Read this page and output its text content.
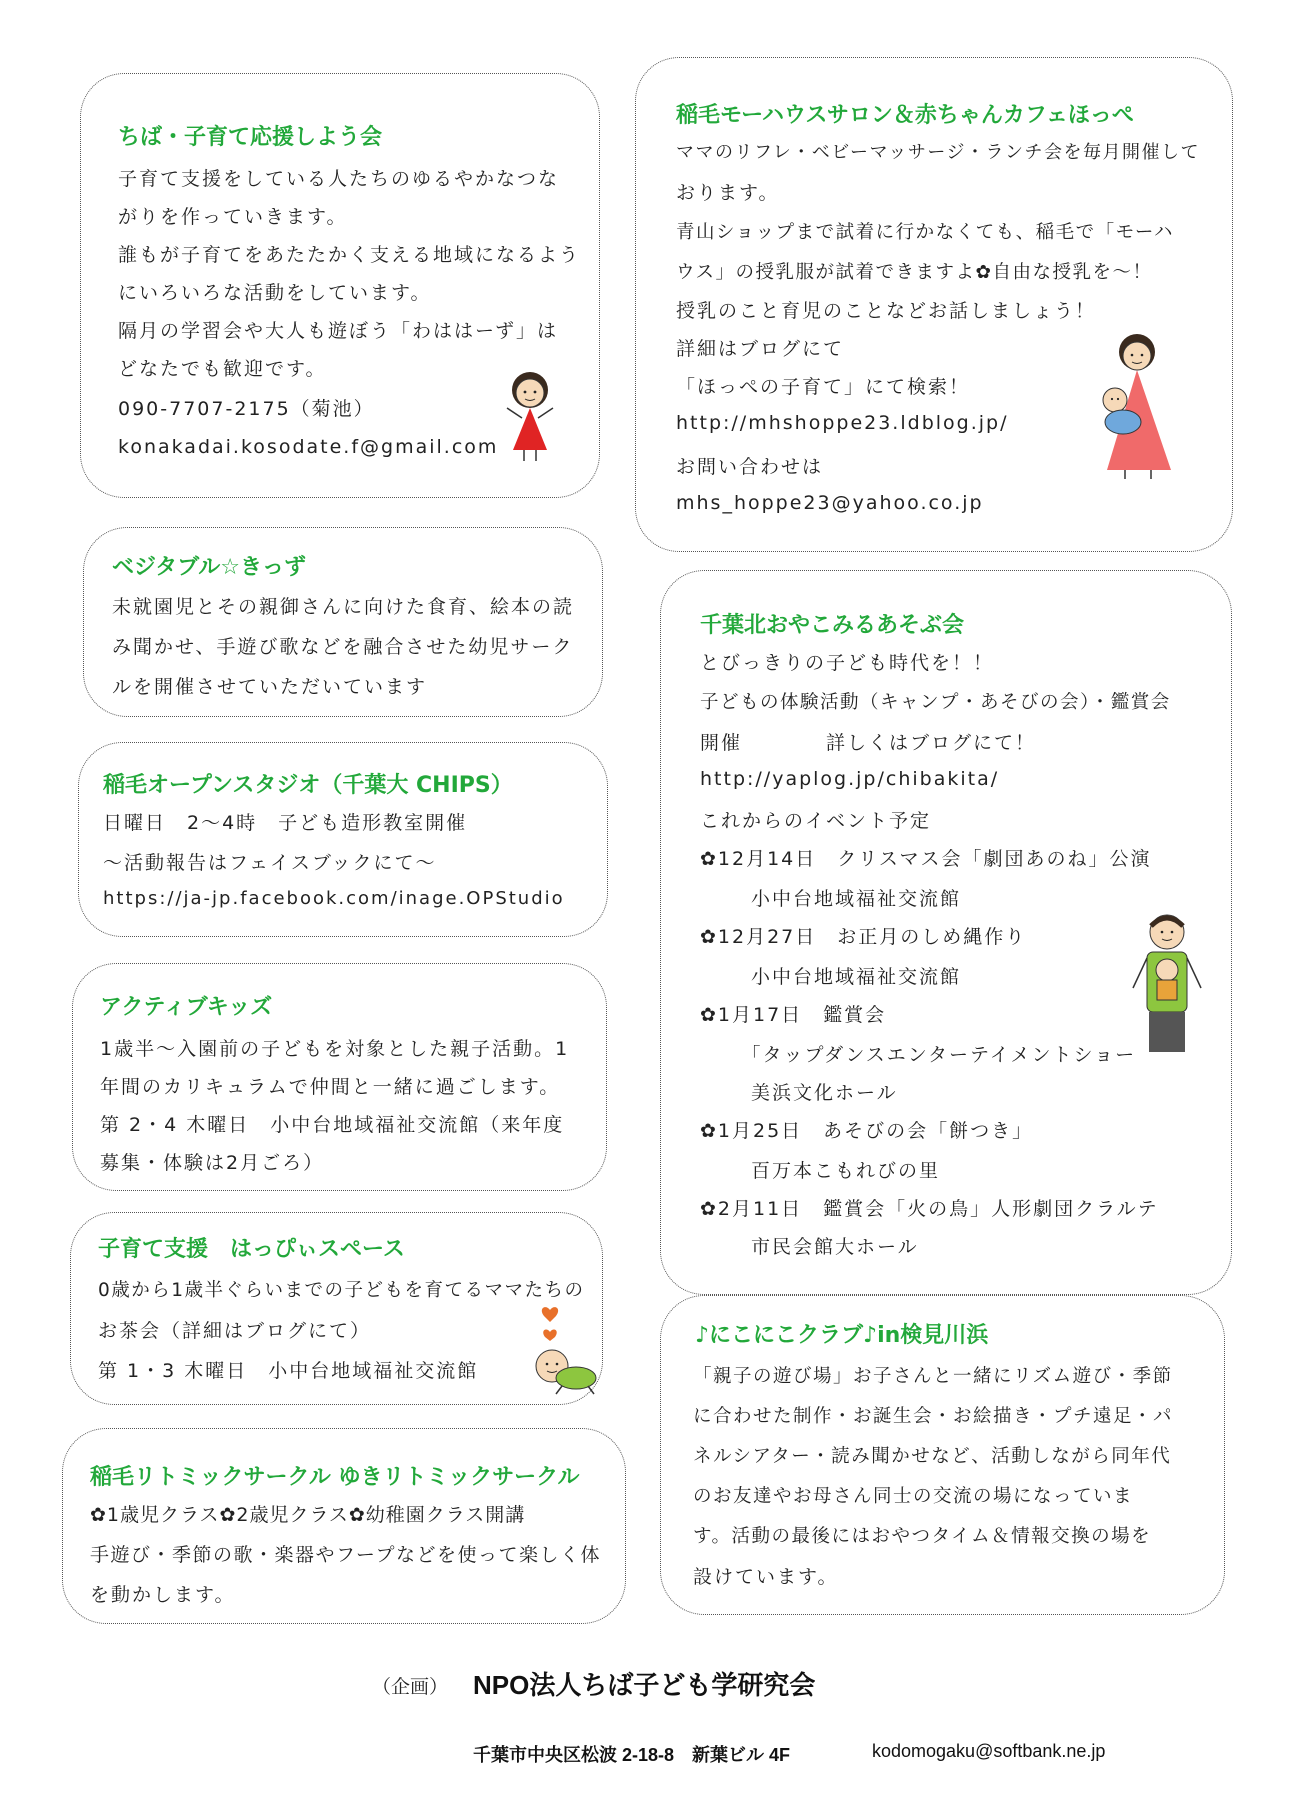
ちば・子育て応援しよう会
子育て支援をしている人たちのゆるやかなつな
がりを作っていきます。
誰もが子育てをあたたかく支える地域になるよう
にいろいろな活動をしています。
隔月の学習会や大人も遊ぼう「わははーず」は
どなたでも歓迎です。
090-7707-2175（菊池）
konakadai.kosodate.f@gmail.com
ベジタブル☆きっず
未就園児とその親御さんに向けた食育、絵本の読
み聞かせ、手遊び歌などを融合させた幼児サーク
ルを開催させていただいています
稲毛オープンスタジオ（千葉大 CHIPS）
日曜日　2～4時　子ども造形教室開催
～活動報告はフェイスブックにて～
https://ja-jp.facebook.com/inage.OPStudio
アクティブキッズ
1歳半～入園前の子どもを対象とした親子活動。1
年間のカリキュラムで仲間と一緒に過ごします。
第 2・4 木曜日　小中台地域福祉交流館（来年度
募集・体験は2月ごろ）
子育て支援　はっぴぃスペース
0歳から1歳半ぐらいまでの子どもを育てるママたちの
お茶会（詳細はブログにて）
第 1・3 木曜日　小中台地域福祉交流館
稲毛リトミックサークル ゆきリトミックサークル
✿1歳児クラス✿2歳児クラス✿幼稚園クラス開講
手遊び・季節の歌・楽器やフープなどを使って楽しく体
を動かします。
稲毛モーハウスサロン＆赤ちゃんカフェほっぺ
ママのリフレ・ベビーマッサージ・ランチ会を毎月開催して
おります。
青山ショップまで試着に行かなくても、稲毛で「モーハ
ウス」の授乳服が試着できますよ✿自由な授乳を～！
授乳のこと育児のことなどお話しましょう！
詳細はブログにて
「ほっぺの子育て」にて検索！
http://mhshoppe23.ldblog.jp/
お問い合わせは
mhs_hoppe23@yahoo.co.jp
千葉北おやこみるあそぶ会
とびっきりの子ども時代を！！
子どもの体験活動（キャンプ・あそびの会）・鑑賞会
開催　　　　詳しくはブログにて！
http://yaplog.jp/chibakita/
これからのイベント予定
✿12月14日　クリスマス会「劇団あのね」公演
　小中台地域福祉交流館
✿12月27日　お正月のしめ縄作り
　小中台地域福祉交流館
✿1月17日　鑑賞会
　「タップダンスエンターテイメントショー
　美浜文化ホール
✿1月25日　あそびの会「餅つき」
　百万本こもれびの里
✿2月11日　鑑賞会「火の鳥」人形劇団クラルテ
　市民会館大ホール
♪にこにこクラブ♪in検見川浜
「親子の遊び場」お子さんと一緒にリズム遊び・季節
に合わせた制作・お誕生会・お絵描き・プチ遠足・パ
ネルシアター・読み聞かせなど、活動しながら同年代
のお友達やお母さん同士の交流の場になっていま
す。活動の最後にはおやつタイム＆情報交換の場を
設けています。
（企画） NPO法人ちば子ども学研究会
千葉市中央区松波 2-18-8　新葉ビル 4F	kodomogaku@softbank.ne.jp
